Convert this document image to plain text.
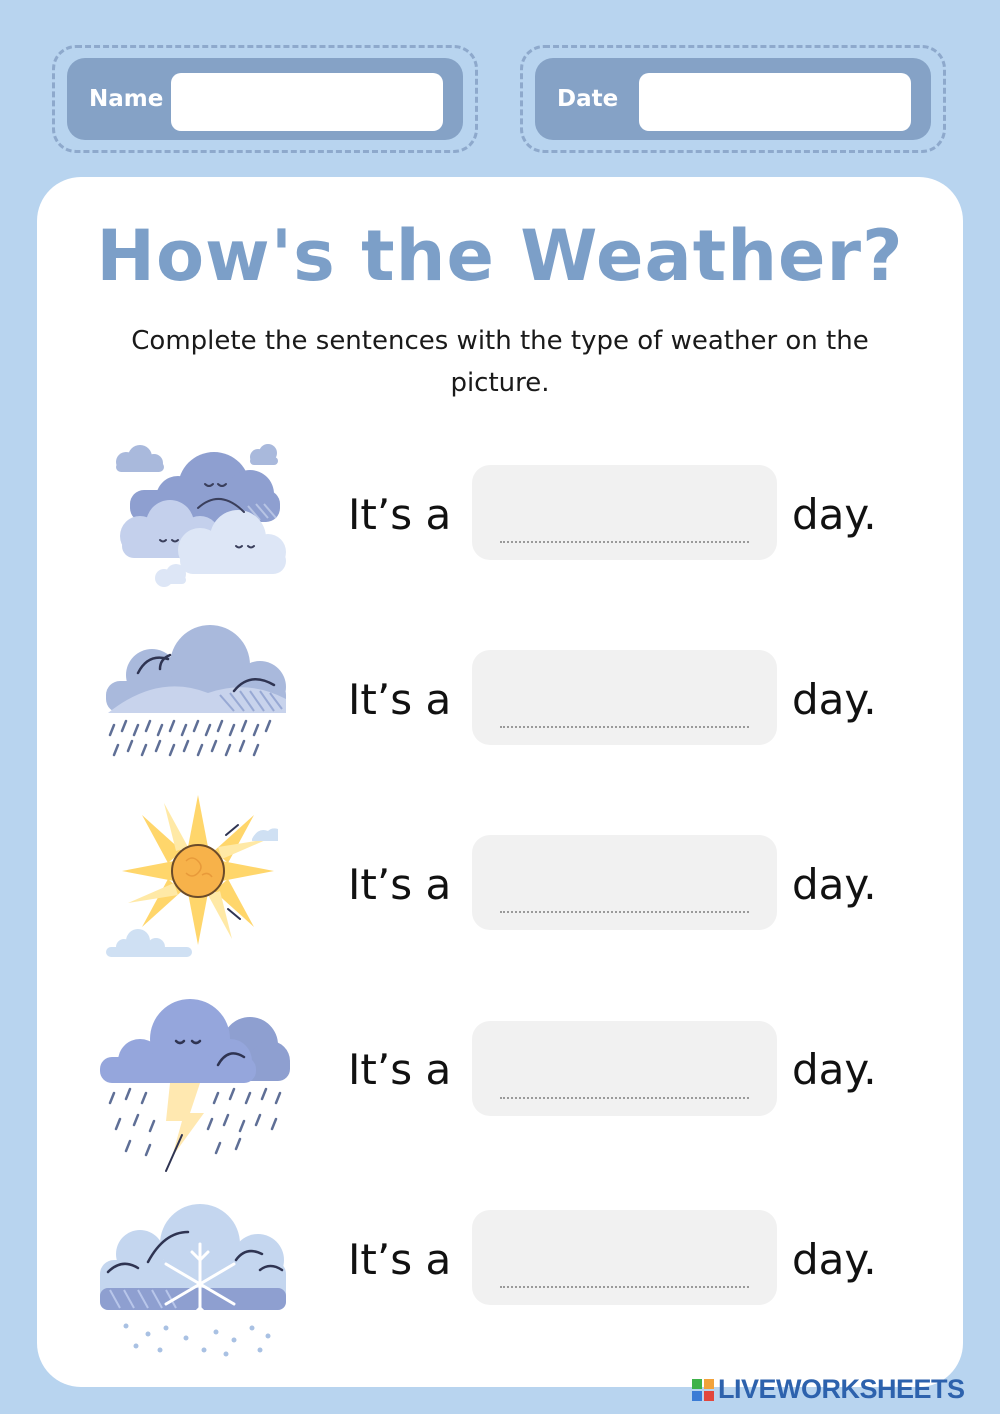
Name	Date
How's the Weather?

Complete the sentences with the type of weather on the picture.

It’s a	day.
It’s a	day.
It’s a	day.
It’s a	day.
It’s a	day.
LIVEWORKSHEETS
